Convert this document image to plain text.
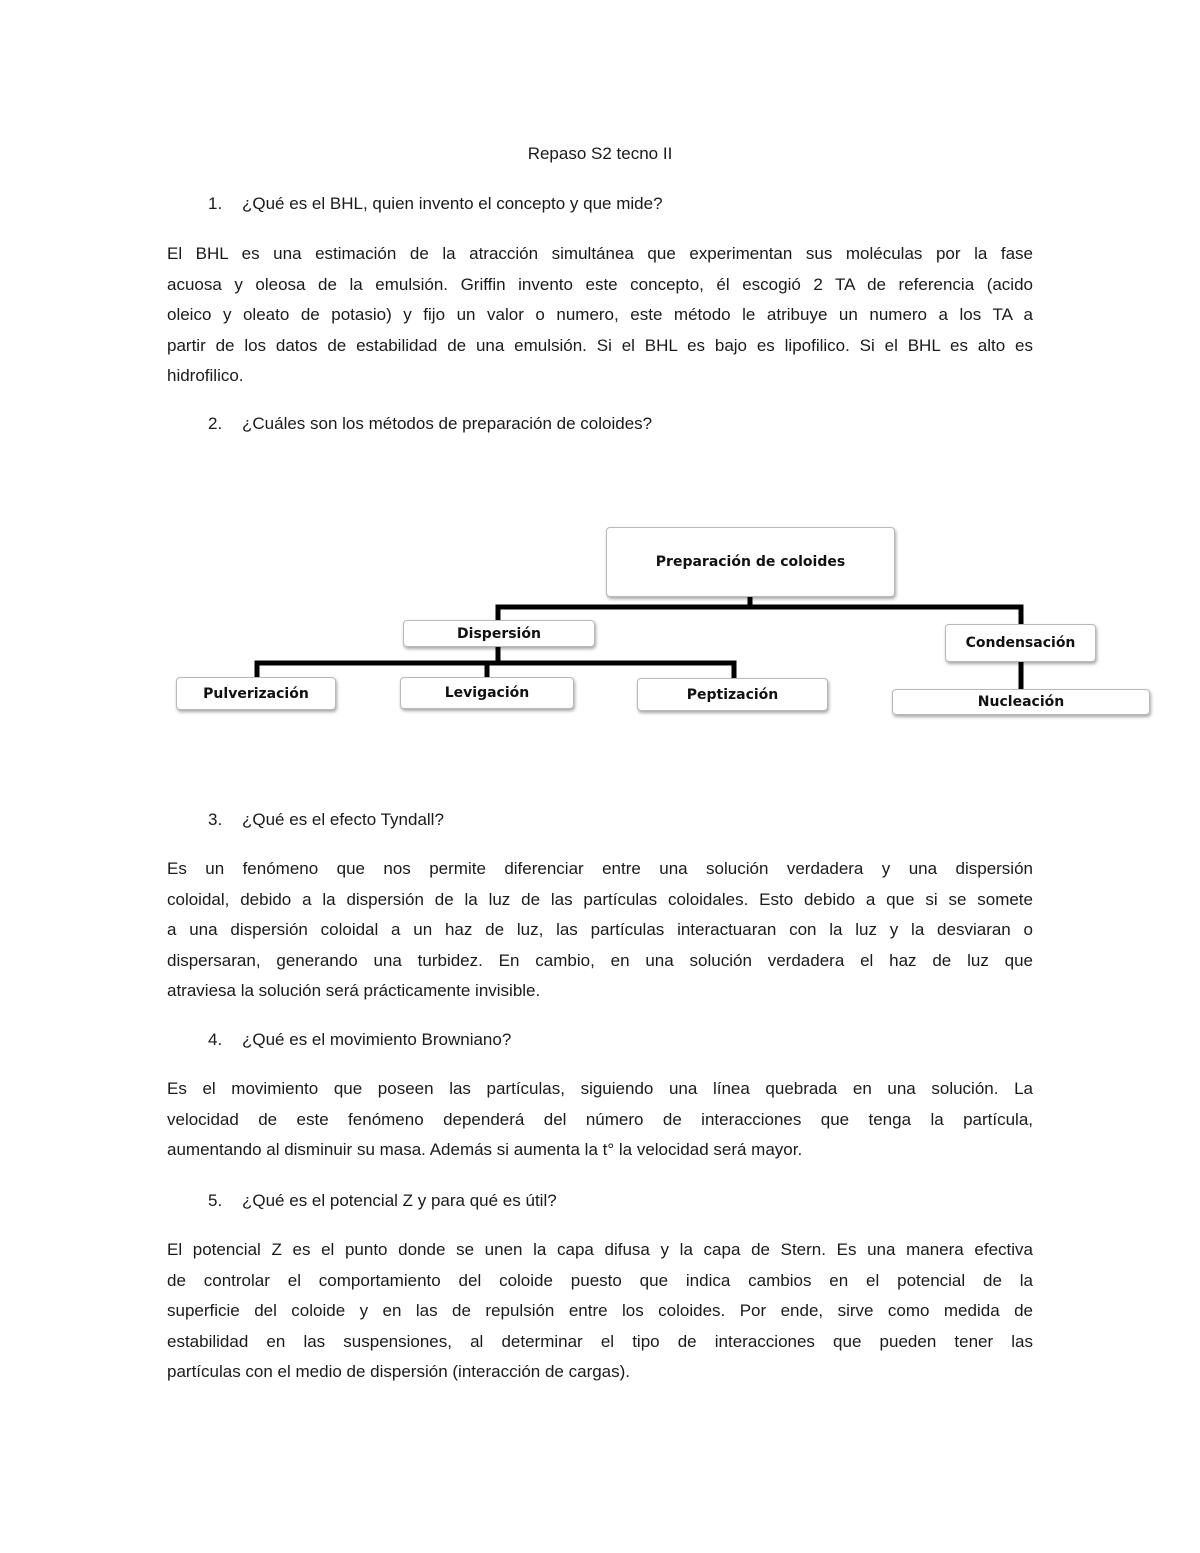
Repaso S2 tecno II
1. ¿Qué es el BHL, quien invento el concepto y que mide?
El BHL es una estimación de la atracción simultánea que experimentan sus moléculas por la fase
acuosa y oleosa de la emulsión. Griffin invento este concepto, él escogió 2 TA de referencia (acido
oleico y oleato de potasio) y fijo un valor o numero, este método le atribuye un numero a los TA a
partir de los datos de estabilidad de una emulsión. Si el BHL es bajo es lipofilico. Si el BHL es alto es
hidrofilico.
2. ¿Cuáles son los métodos de preparación de coloides?
Preparación de coloides
Dispersión
Condensación
Pulverización	Levigación	Peptización	Nucleación
3. ¿Qué es el efecto Tyndall?
Es un fenómeno que nos permite diferenciar entre una solución verdadera y una dispersión
coloidal, debido a la dispersión de la luz de las partículas coloidales. Esto debido a que si se somete
a una dispersión coloidal a un haz de luz, las partículas interactuaran con la luz y la desviaran o
dispersaran, generando una turbidez. En cambio, en una solución verdadera el haz de luz que
atraviesa la solución será prácticamente invisible.
4. ¿Qué es el movimiento Browniano?
Es el movimiento que poseen las partículas, siguiendo una línea quebrada en una solución. La
velocidad de este fenómeno dependerá del número de interacciones que tenga la partícula,
aumentando al disminuir su masa. Además si aumenta la t° la velocidad será mayor.
5. ¿Qué es el potencial Z y para qué es útil?
El potencial Z es el punto donde se unen la capa difusa y la capa de Stern. Es una manera efectiva
de controlar el comportamiento del coloide puesto que indica cambios en el potencial de la
superficie del coloide y en las de repulsión entre los coloides. Por ende, sirve como medida de
estabilidad en las suspensiones, al determinar el tipo de interacciones que pueden tener las
partículas con el medio de dispersión (interacción de cargas).
